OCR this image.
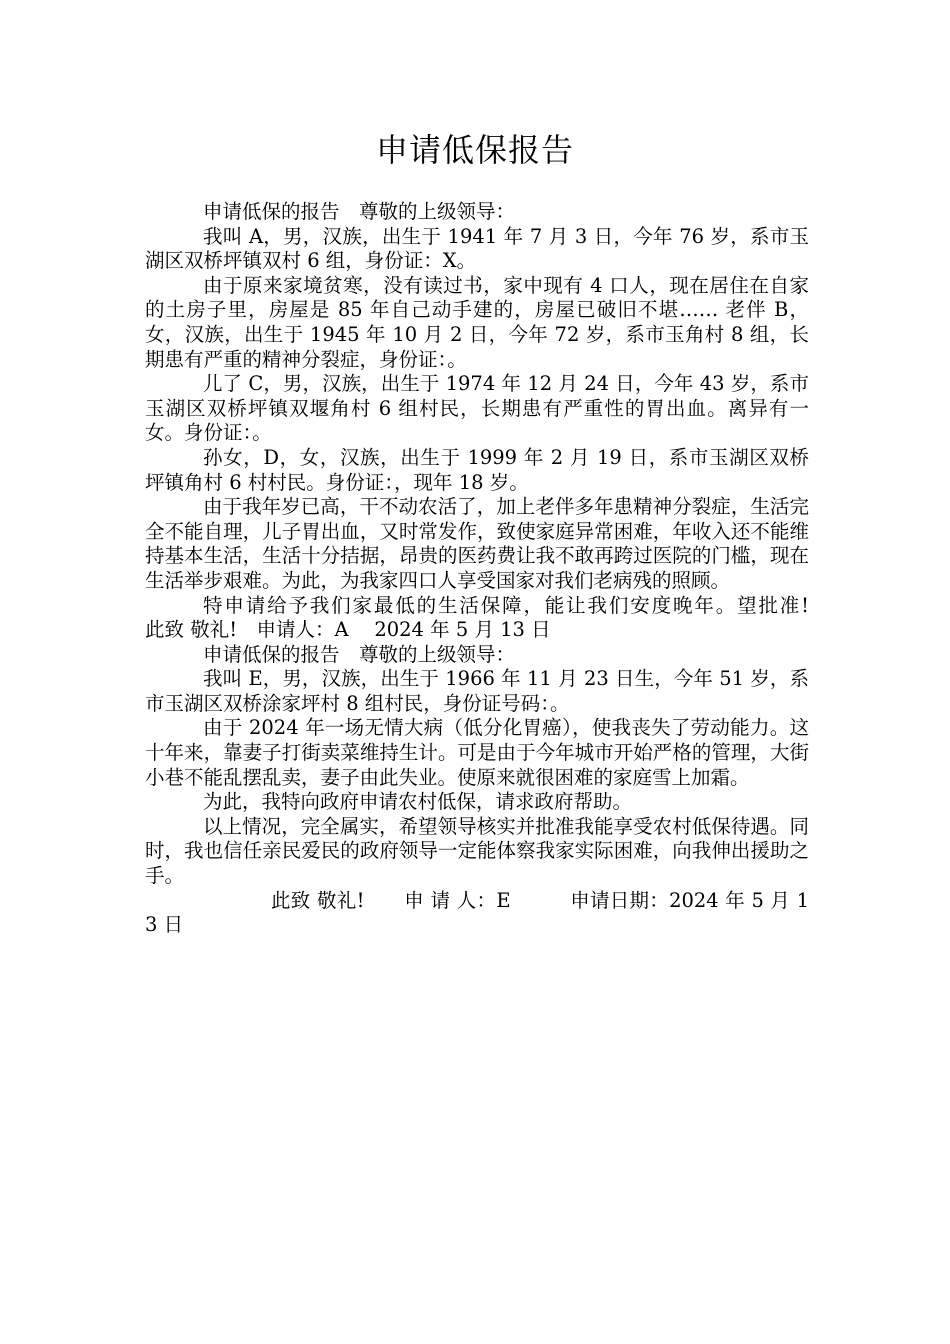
申请低保报告

申请低保的报告　尊敬的上级领导：

我叫 A，男，汉族，出生于 1941 年 7 月 3 日，今年 76 岁，系市玉湖区双桥坪镇双村 6 组，身份证：X。

由于原来家境贫寒，没有读过书，家中现有 4 口人，现在居住在自家的土房子里，房屋是 85 年自己动手建的，房屋已破旧不堪…… 老伴 B，女，汉族，出生于 1945 年 10 月 2 日，今年 72 岁，系市玉角村 8 组，长期患有严重的精神分裂症，身份证：。

儿了 C，男，汉族，出生于 1974 年 12 月 24 日，今年 43 岁，系市玉湖区双桥坪镇双堰角村 6 组村民，长期患有严重性的胃出血。离异有一女。身份证：。

孙女，D，女，汉族，出生于 1999 年 2 月 19 日，系市玉湖区双桥坪镇角村 6 村村民。身份证：，现年 18 岁。

由于我年岁已高，干不动农活了，加上老伴多年患精神分裂症，生活完全不能自理，儿子胃出血，又时常发作，致使家庭异常困难，年收入还不能维持基本生活，生活十分拮据，昂贵的医药费让我不敢再跨过医院的门槛，现在生活举步艰难。为此，为我家四口人享受国家对我们老病残的照顾。

特申请给予我们家最低的生活保障，能让我们安度晚年。望批准!　　　 此致 敬礼!　申请人：A　 2024 年 5 月 13 日

申请低保的报告　尊敬的上级领导：

我叫 E，男，汉族，出生于 1966 年 11 月 23 日生，今年 51 岁，系市玉湖区双桥涂家坪村 8 组村民，身份证号码：。

由于 2024 年一场无情大病（低分化胃癌），使我丧失了劳动能力。这十年来，靠妻子打街卖菜维持生计。可是由于今年城市开始严格的管理，大街小巷不能乱摆乱卖，妻子由此失业。使原来就很困难的家庭雪上加霜。

为此，我特向政府申请农村低保，请求政府帮助。

以上情况，完全属实，希望领导核实并批准我能享受农村低保待遇。同时，我也信任亲民爱民的政府领导一定能体察我家实际困难，向我伸出援助之手。

此致 敬礼!　　申 请 人：E　　　申请日期：2024 年 5 月 13 日
